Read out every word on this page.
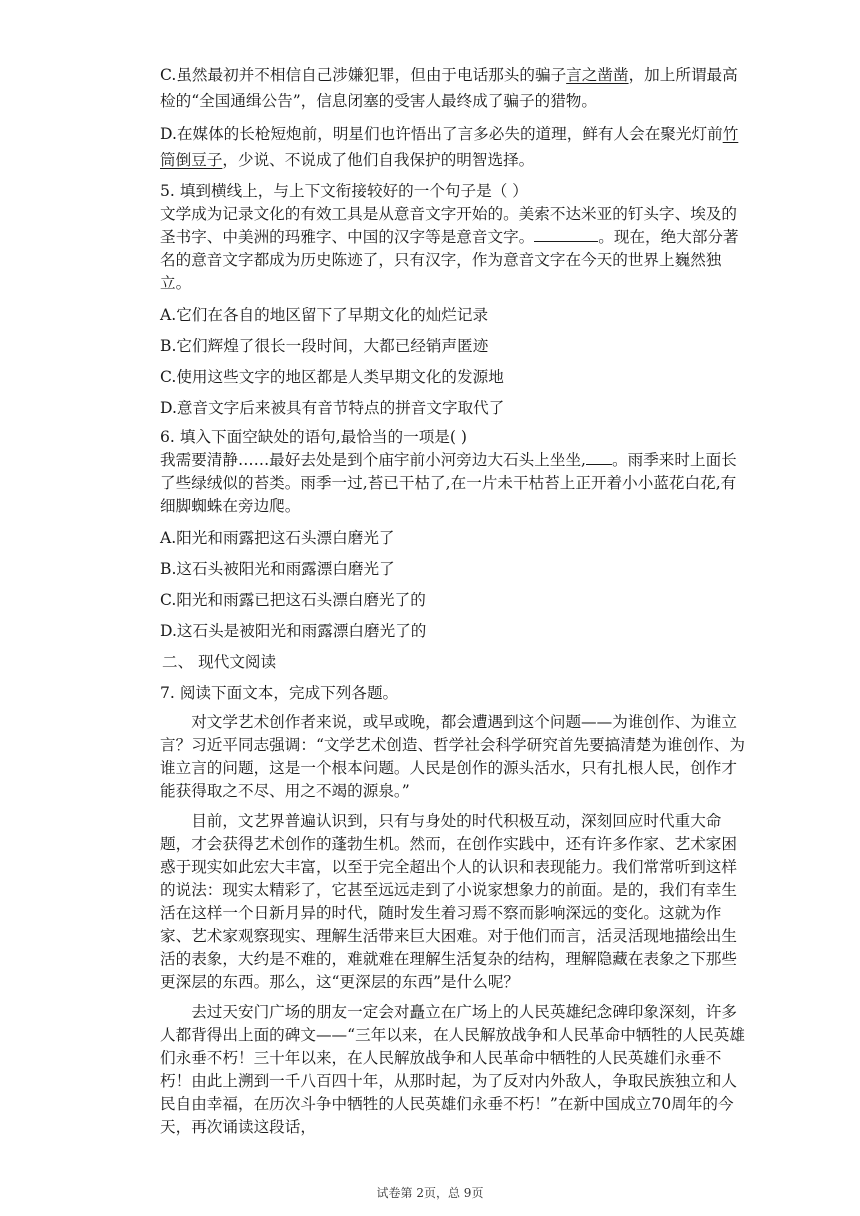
C.虽然最初并不相信自己涉嫌犯罪，但由于电话那头的骗子言之凿凿，加上所谓最高检的“全国通缉公告”，信息闭塞的受害人最终成了骗子的猎物。

D.在媒体的长枪短炮前，明星们也许悟出了言多必失的道理，鲜有人会在聚光灯前竹筒倒豆子，少说、不说成了他们自我保护的明智选择。

5. 填到横线上，与上下文衔接较好的一个句子是（ ）

文学成为记录文化的有效工具是从意音文字开始的。美索不达米亚的钉头字、埃及的圣书字、中美洲的玛雅字、中国的汉字等是意音文字。	。现在，绝大部分著名的意音文字都成为历史陈迹了，只有汉字，作为意音文字在今天的世界上巍然独立。

A.它们在各自的地区留下了早期文化的灿烂记录

B.它们辉煌了很长一段时间，大都已经销声匿迹

C.使用这些文字的地区都是人类早期文化的发源地

D.意音文字后来被具有音节特点的拼音文字取代了

6. 填入下面空缺处的语句,最恰当的一项是( )

我需要清静……最好去处是到个庙宇前小河旁边大石头上坐坐, 。雨季来时上面长了些绿绒似的苔类。雨季一过,苔已干枯了,在一片未干枯苔上正开着小小蓝花白花,有细脚蜘蛛在旁边爬。

A.阳光和雨露把这石头漂白磨光了

B.这石头被阳光和雨露漂白磨光了

C.阳光和雨露已把这石头漂白磨光了的

D.这石头是被阳光和雨露漂白磨光了的

二、 现代文阅读

7. 阅读下面文本，完成下列各题。

对文学艺术创作者来说，或早或晚，都会遭遇到这个问题——为谁创作、为谁立言？习近平同志强调：“文学艺术创造、哲学社会科学研究首先要搞清楚为谁创作、为谁立言的问题，这是一个根本问题。人民是创作的源头活水，只有扎根人民，创作才能获得取之不尽、用之不竭的源泉。”

目前，文艺界普遍认识到，只有与身处的时代积极互动，深刻回应时代重大命题，才会获得艺术创作的蓬勃生机。然而，在创作实践中，还有许多作家、艺术家困惑于现实如此宏大丰富，以至于完全超出个人的认识和表现能力。我们常常听到这样的说法：现实太精彩了，它甚至远远走到了小说家想象力的前面。是的，我们有幸生活在这样一个日新月异的时代，随时发生着习焉不察而影响深远的变化。这就为作家、艺术家观察现实、理解生活带来巨大困难。对于他们而言，活灵活现地描绘出生活的表象，大约是不难的，难就难在理解生活复杂的结构，理解隐藏在表象之下那些更深层的东西。那么，这“更深层的东西”是什么呢？

去过天安门广场的朋友一定会对矗立在广场上的人民英雄纪念碑印象深刻，许多人都背得出上面的碑文——“三年以来，在人民解放战争和人民革命中牺牲的人民英雄们永垂不朽！三十年以来，在人民解放战争和人民革命中牺牲的人民英雄们永垂不朽！由此上溯到一千八百四十年，从那时起，为了反对内外敌人，争取民族独立和人民自由幸福，在历次斗争中牺牲的人民英雄们永垂不朽！”在新中国成立70周年的今天，再次诵读这段话，

试卷第 2页，总 9页
